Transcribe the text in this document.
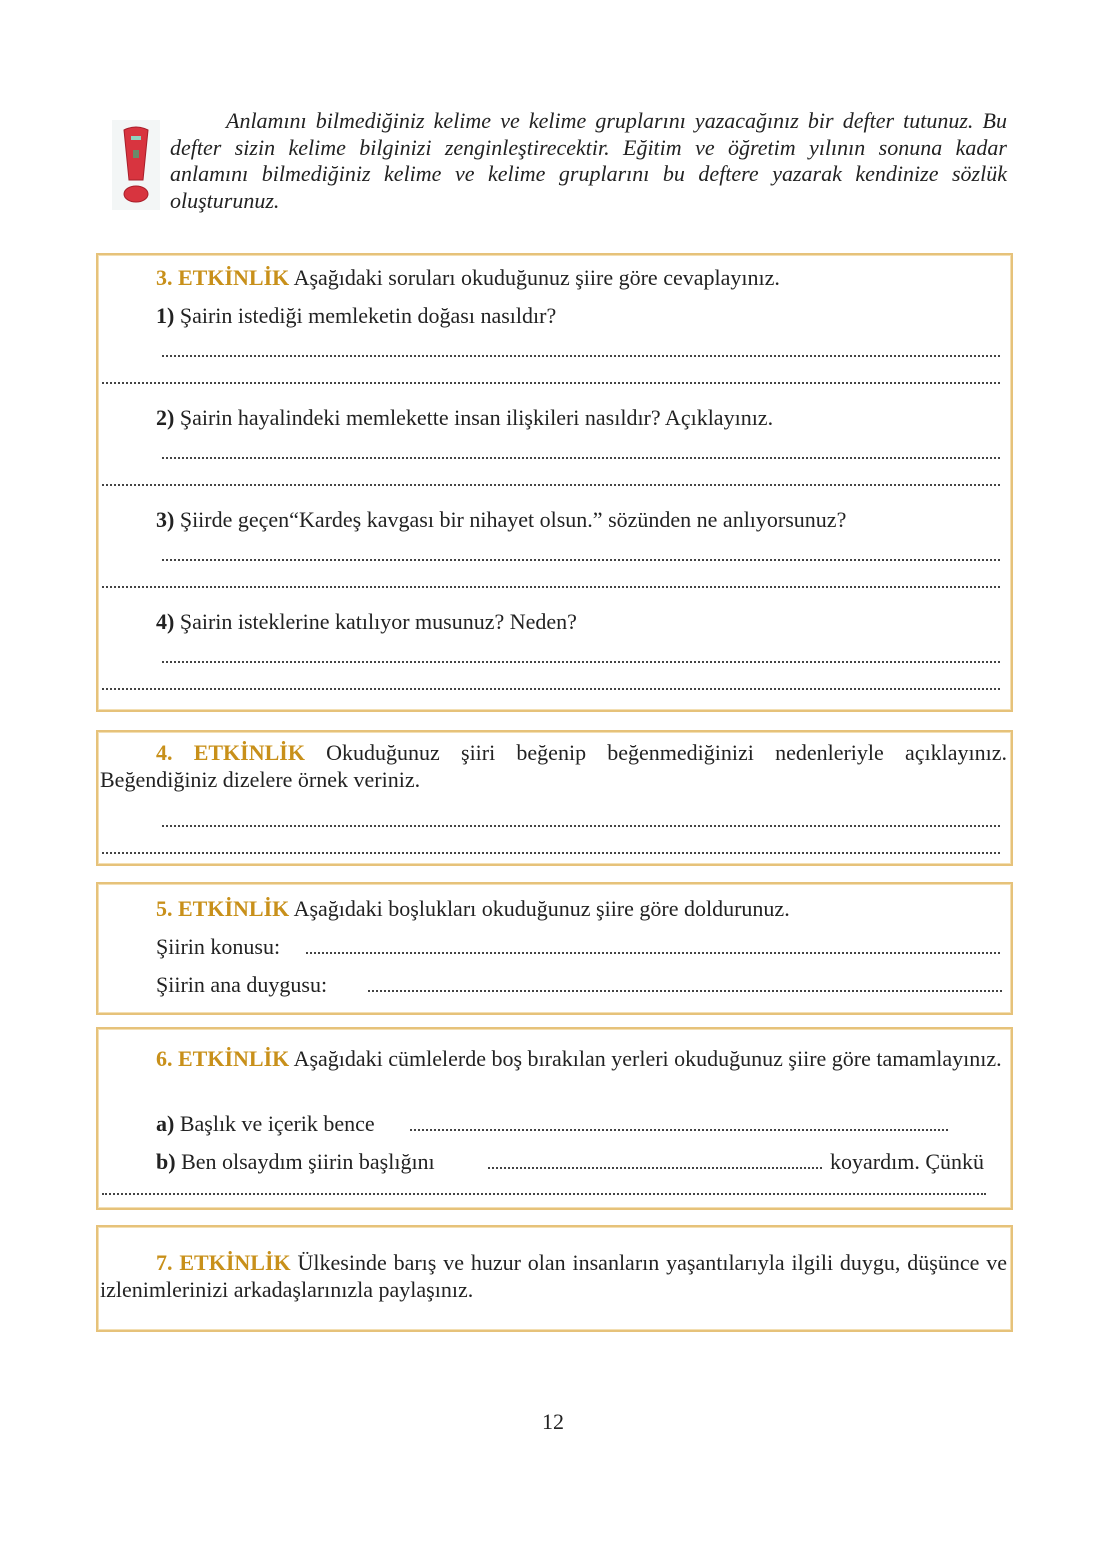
Anlamını bilmediğiniz kelime ve kelime gruplarını yazacağınız bir defter tutunuz. Bu defter sizin kelime bilginizi zenginleştirecektir. Eğitim ve öğretim yılının sonuna kadar anlamını bilmediğiniz kelime ve kelime gruplarını bu deftere yazarak kendinize sözlük oluşturunuz.
3. ETKİNLİK Aşağıdaki soruları okuduğunuz şiire göre cevaplayınız.
1) Şairin istediği memleketin doğası nasıldır?
2) Şairin hayalindeki memlekette insan ilişkileri nasıldır? Açıklayınız.
3) Şiirde geçen“Kardeş kavgası bir nihayet olsun.” sözünden ne anlıyorsunuz?
4) Şairin isteklerine katılıyor musunuz? Neden?
4. ETKİNLİK Okuduğunuz şiiri beğenip beğenmediğinizi nedenleriyle açıklayınız. Beğendiğiniz dizelere örnek veriniz.
5. ETKİNLİK Aşağıdaki boşlukları okuduğunuz şiire göre doldurunuz.
Şiirin konusu:
Şiirin ana duygusu:
6. ETKİNLİK Aşağıdaki cümlelerde boş bırakılan yerleri okuduğunuz şiire göre tamamlayınız.
a) Başlık ve içerik bence
b) Ben olsaydım şiirin başlığını	koyardım. Çünkü
7. ETKİNLİK Ülkesinde barış ve huzur olan insanların yaşantılarıyla ilgili duygu, düşünce ve izlenimlerinizi arkadaşlarınızla paylaşınız.
12
